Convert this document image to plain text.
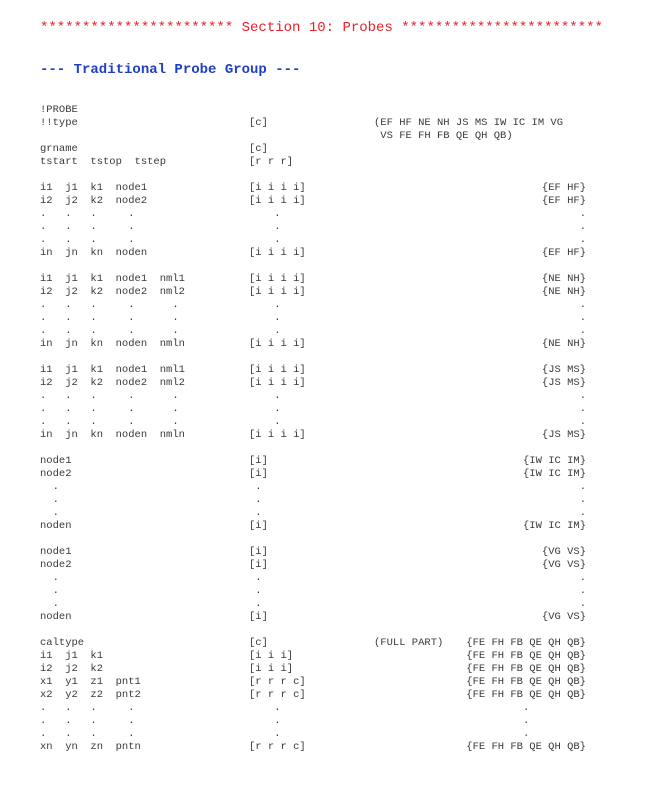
*********************** Section 10: Probes ************************
--- Traditional Probe Group ---
!PROBE
!!type	[c]	(EF HF NE NH JS MS IW IC IM VG
VS FE FH FB QE QH QB)
grname	[c]
tstart  tstop  tstep	[r r r]
i1  j1  k1  node1	[i i i i]	{EF HF}
i2  j2  k2  node2	[i i i i]	{EF HF}
.   .   .     .	.	.
.   .   .     .	.	.
.   .   .     .	.	.
in  jn  kn  noden	[i i i i]	{EF HF}
i1  j1  k1  node1  nml1	[i i i i]	{NE NH}
i2  j2  k2  node2  nml2	[i i i i]	{NE NH}
.   .   .     .      .	.	.
.   .   .     .      .	.	.
.   .   .     .      .	.	.
in  jn  kn  noden  nmln	[i i i i]	{NE NH}
i1  j1  k1  node1  nml1	[i i i i]	{JS MS}
i2  j2  k2  node2  nml2	[i i i i]	{JS MS}
.   .   .     .      .	.	.
.   .   .     .      .	.	.
.   .   .     .      .	.	.
in  jn  kn  noden  nmln	[i i i i]	{JS MS}
node1	[i]	{IW IC IM}
node2	[i]	{IW IC IM}
.	.	.
.	.	.
.	.	.
noden	[i]	{IW IC IM}
node1	[i]	{VG VS}
node2	[i]	{VG VS}
.	.	.
.	.	.
.	.	.
noden	[i]	{VG VS}
caltype	[c]	(FULL PART) {FE FH FB QE QH QB}
i1  j1  k1	[i i i]	{FE FH FB QE QH QB}
i2  j2  k2	[i i i]	{FE FH FB QE QH QB}
x1  y1  z1  pnt1	[r r r c]	{FE FH FB QE QH QB}
x2  y2  z2  pnt2	[r r r c]	{FE FH FB QE QH QB}
.   .   .     .	.	.
.   .   .     .	.	.
.   .   .     .	.	.
xn  yn  zn  pntn	[r r r c]	{FE FH FB QE QH QB}
